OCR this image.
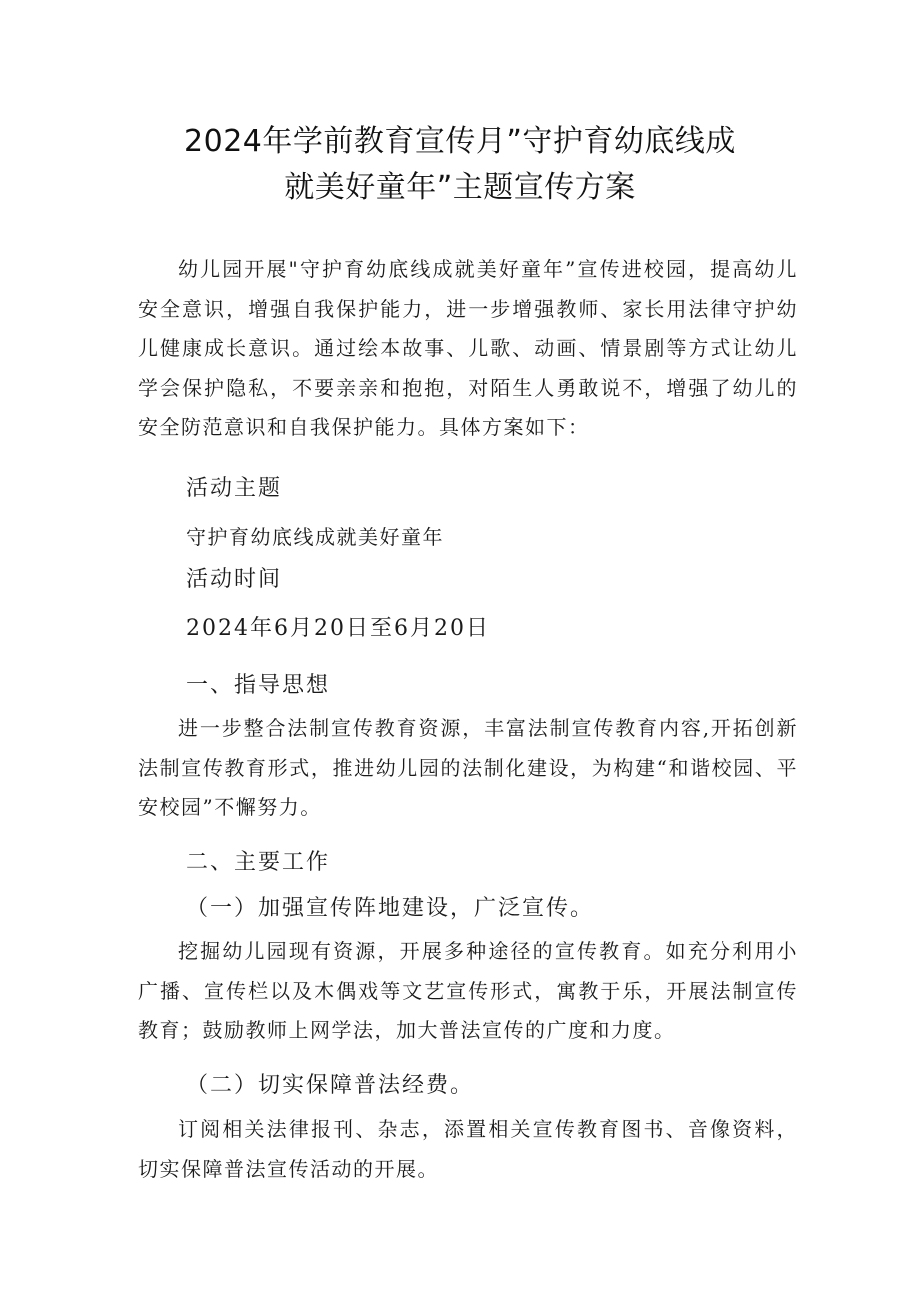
2024年学前教育宣传月”守护育幼底线成
就美好童年”主题宣传方案

幼儿园开展"守护育幼底线成就美好童年”宣传进校园，提高幼儿安全意识，增强自我保护能力，进一步增强教师、家长用法律守护幼儿健康成长意识。通过绘本故事、儿歌、动画、情景剧等方式让幼儿学会保护隐私，不要亲亲和抱抱，对陌生人勇敢说不，增强了幼儿的安全防范意识和自我保护能力。具体方案如下：

活动主题

守护育幼底线成就美好童年

活动时间

2024年6月20日至6月20日

一、指导思想

进一步整合法制宣传教育资源，丰富法制宣传教育内容,开拓创新法制宣传教育形式，推进幼儿园的法制化建设，为构建“和谐校园、平安校园”不懈努力。

二、主要工作

（一）加强宣传阵地建设，广泛宣传。

挖掘幼儿园现有资源，开展多种途径的宣传教育。如充分利用小广播、宣传栏以及木偶戏等文艺宣传形式，寓教于乐，开展法制宣传教育；鼓励教师上网学法，加大普法宣传的广度和力度。

（二）切实保障普法经费。

订阅相关法律报刊、杂志，添置相关宣传教育图书、音像资料，切实保障普法宣传活动的开展。
